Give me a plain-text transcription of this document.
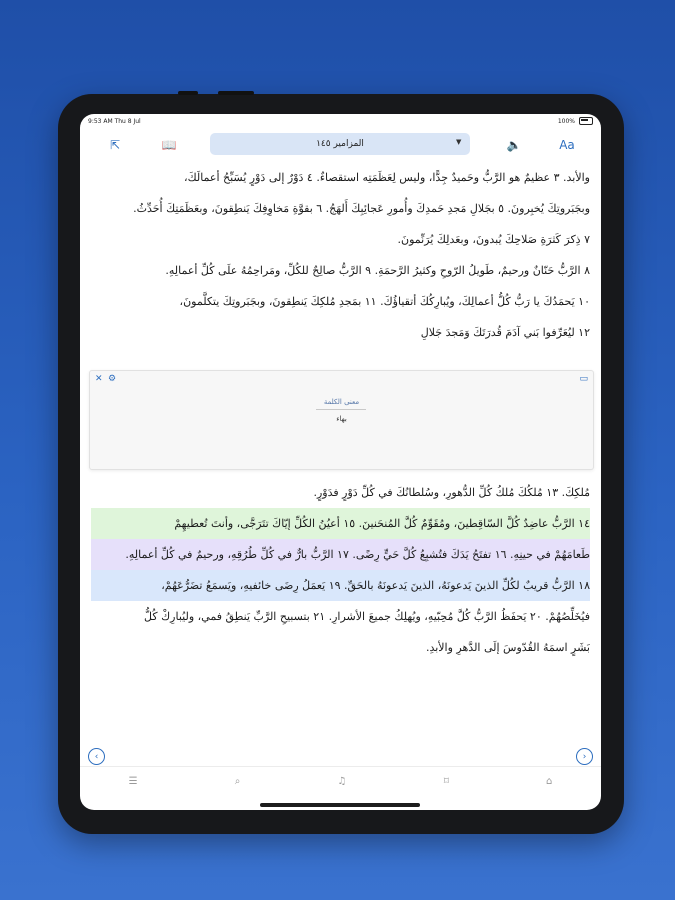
9:53 AM Thu 8 Jul	100%
⇱	📖	المزامير ١٤٥	▼	🔈	Aa
والأبد. ٣ عظيمٌ هو الرَّبُّ وحَميدٌ جِدًّا، وليس لِعَظَمَتِه استقصاءٌ. ٤ دَوْرٌ إلى دَوْرٍ يُسَبِّحُ أعمالَكَ،
وبجَبَروتِكَ يُخبِرونَ. ٥ بجَلالِ مَجدِ حَمدِكَ وأُمورِ عَجائِبِكَ أَلهَجُ. ٦ بقوَّةِ مَخاوِفِكَ يَنطِقونَ، وبعَظَمَتِكَ أُحَدِّثُ.
٧ ذِكرَ كَثرَةِ صَلاحِكَ يُبدونَ، وبعَدلِكَ يُرَنِّمونَ.
٨ الرَّبُّ حَنّانٌ ورحيمٌ، طَويلُ الرّوحِ وكثيرُ الرَّحمَةِ. ٩ الرَّبُّ صالِحٌ للكُلِّ، ومَراحِمُهُ علَى كُلِّ أعمالِهِ.
١٠ يَحمَدُكَ يا رَبُّ كُلُّ أعمالِكَ، ويُبارِكُكَ أتقياؤُكَ. ١١ بمَجدِ مُلكِكَ يَنطِقونَ، وبجَبَروتِكَ يتكلَّمونَ،
١٢ ليُعَرِّفوا بَني آدَمَ قُدرَتَكَ وَمَجدَ جَلالِ
✕ ⚙	▭
معنى الكلمة
بهاء
مُلكِكَ. ١٣ مُلكُكَ مُلكُ كُلِّ الدُّهورِ، وسُلطانُكَ في كُلِّ دَوْرٍ فدَوْرٍ.
١٤ الرَّبُّ عاضِدٌ كُلَّ السّاقِطينَ، ومُقَوِّمٌ كُلَّ المُنحَنينَ. ١٥ أعيُنُ الكُلِّ إيّاكَ تتَرَجَّى، وأنتَ تُعطيهِمْ
طَعامَهُمْ في حينِهِ. ١٦ تفتَحُ يَدَكَ فتُشبِعُ كُلَّ حَيٍّ رِضًى. ١٧ الرَّبُّ بارٌّ في كُلِّ طُرُقِهِ، ورحيمٌ في كُلِّ أعمالِهِ.
١٨ الرَّبُّ قريبٌ لكُلِّ الذينَ يَدعونَهُ، الذينَ يَدعونَهُ بالحَقِّ. ١٩ يَعمَلُ رِضَى خائفيهِ، ويَسمَعُ تضَرُّعَهُمْ،
فيُخَلِّصُهُمْ. ٢٠ يَحفَظُ الرَّبُّ كُلَّ مُحِبّيهِ، ويُهلِكُ جميعَ الأشرارِ. ٢١ بتسبيحِ الرَّبِّ يَنطِقُ فمي، وليُبارِكْ كُلُّ
بَشَرٍ اسمَهُ القُدّوسَ إلَى الدَّهرِ والأبدِ.
‹	›
☰	⌕	♫	⌑	⌂
